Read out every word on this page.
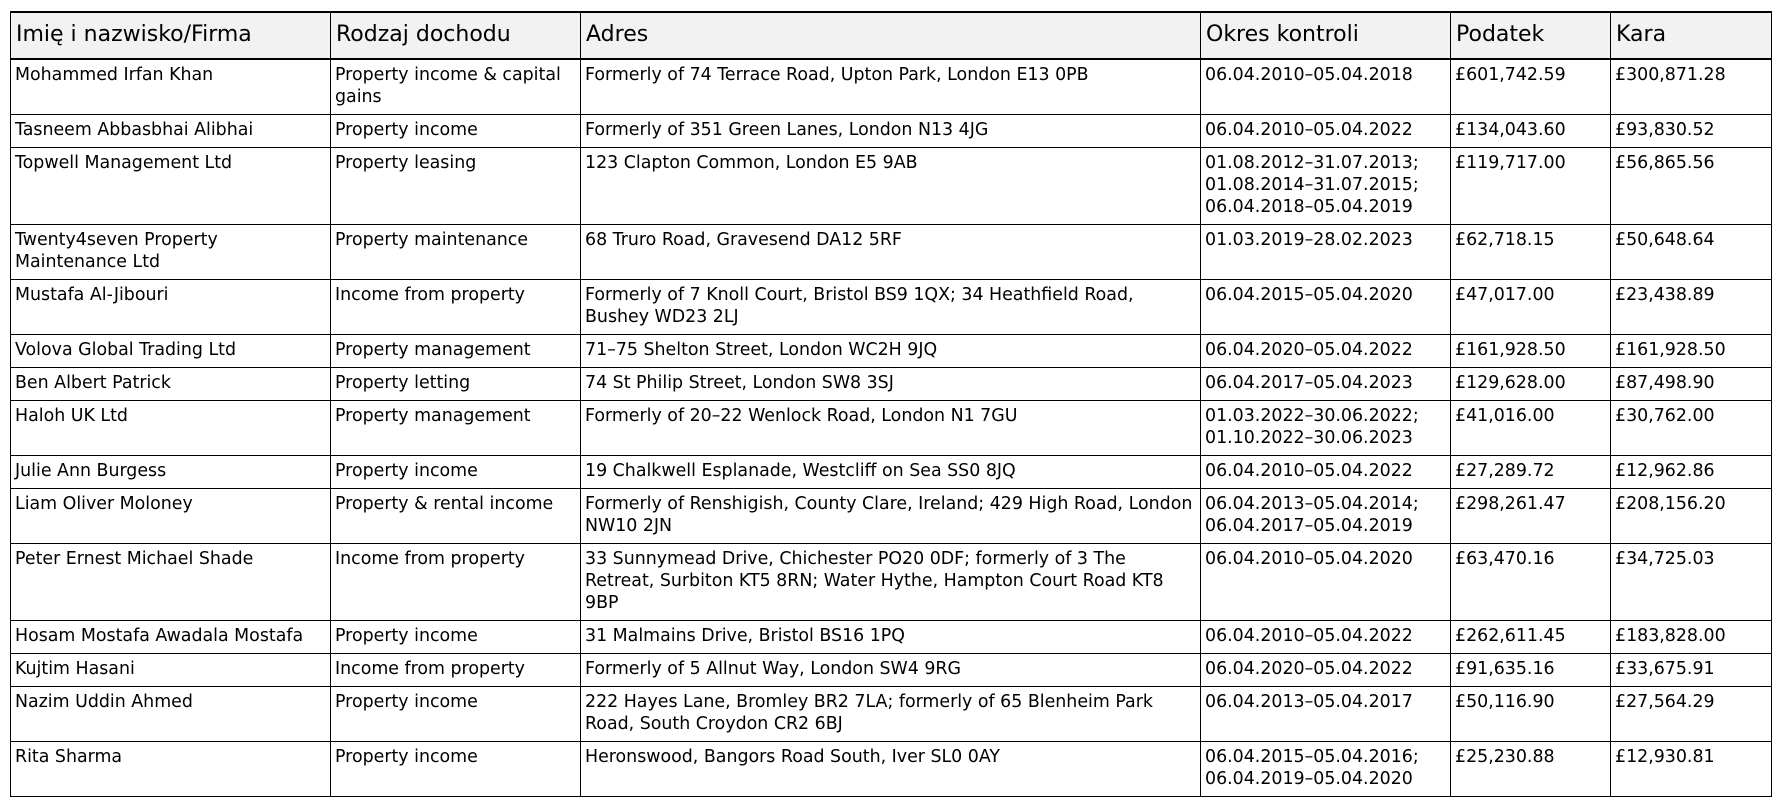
Imię i nazwisko/Firma	Rodzaj dochodu	Adres	Okres kontroli	Podatek	Kara
Mohammed Irfan Khan	Property income & capital gains	Formerly of 74 Terrace Road, Upton Park, London E13 0PB	06.04.2010–05.04.2018	£601,742.59	£300,871.28
Tasneem Abbasbhai Alibhai	Property income	Formerly of 351 Green Lanes, London N13 4JG	06.04.2010–05.04.2022	£134,043.60	£93,830.52
Topwell Management Ltd	Property leasing	123 Clapton Common, London E5 9AB	01.08.2012–31.07.2013;
01.08.2014–31.07.2015;
06.04.2018–05.04.2019	£119,717.00	£56,865.56
Twenty4seven Property Maintenance Ltd	Property maintenance	68 Truro Road, Gravesend DA12 5RF	01.03.2019–28.02.2023	£62,718.15	£50,648.64
Mustafa Al-Jibouri	Income from property	Formerly of 7 Knoll Court, Bristol BS9 1QX; 34 Heathfield Road, Bushey WD23 2LJ	06.04.2015–05.04.2020	£47,017.00	£23,438.89
Volova Global Trading Ltd	Property management	71–75 Shelton Street, London WC2H 9JQ	06.04.2020–05.04.2022	£161,928.50	£161,928.50
Ben Albert Patrick	Property letting	74 St Philip Street, London SW8 3SJ	06.04.2017–05.04.2023	£129,628.00	£87,498.90
Haloh UK Ltd	Property management	Formerly of 20–22 Wenlock Road, London N1 7GU	01.03.2022–30.06.2022;
01.10.2022–30.06.2023	£41,016.00	£30,762.00
Julie Ann Burgess	Property income	19 Chalkwell Esplanade, Westcliff on Sea SS0 8JQ	06.04.2010–05.04.2022	£27,289.72	£12,962.86
Liam Oliver Moloney	Property & rental income	Formerly of Renshigish, County Clare, Ireland; 429 High Road, London NW10 2JN	06.04.2013–05.04.2014;
06.04.2017–05.04.2019	£298,261.47	£208,156.20
Peter Ernest Michael Shade	Income from property	33 Sunnymead Drive, Chichester PO20 0DF; formerly of 3 The Retreat, Surbiton KT5 8RN; Water Hythe, Hampton Court Road KT8 9BP	06.04.2010–05.04.2020	£63,470.16	£34,725.03
Hosam Mostafa Awadala Mostafa	Property income	31 Malmains Drive, Bristol BS16 1PQ	06.04.2010–05.04.2022	£262,611.45	£183,828.00
Kujtim Hasani	Income from property	Formerly of 5 Allnut Way, London SW4 9RG	06.04.2020–05.04.2022	£91,635.16	£33,675.91
Nazim Uddin Ahmed	Property income	222 Hayes Lane, Bromley BR2 7LA; formerly of 65 Blenheim Park Road, South Croydon CR2 6BJ	06.04.2013–05.04.2017	£50,116.90	£27,564.29
Rita Sharma	Property income	Heronswood, Bangors Road South, Iver SL0 0AY	06.04.2015–05.04.2016;
06.04.2019–05.04.2020	£25,230.88	£12,930.81
